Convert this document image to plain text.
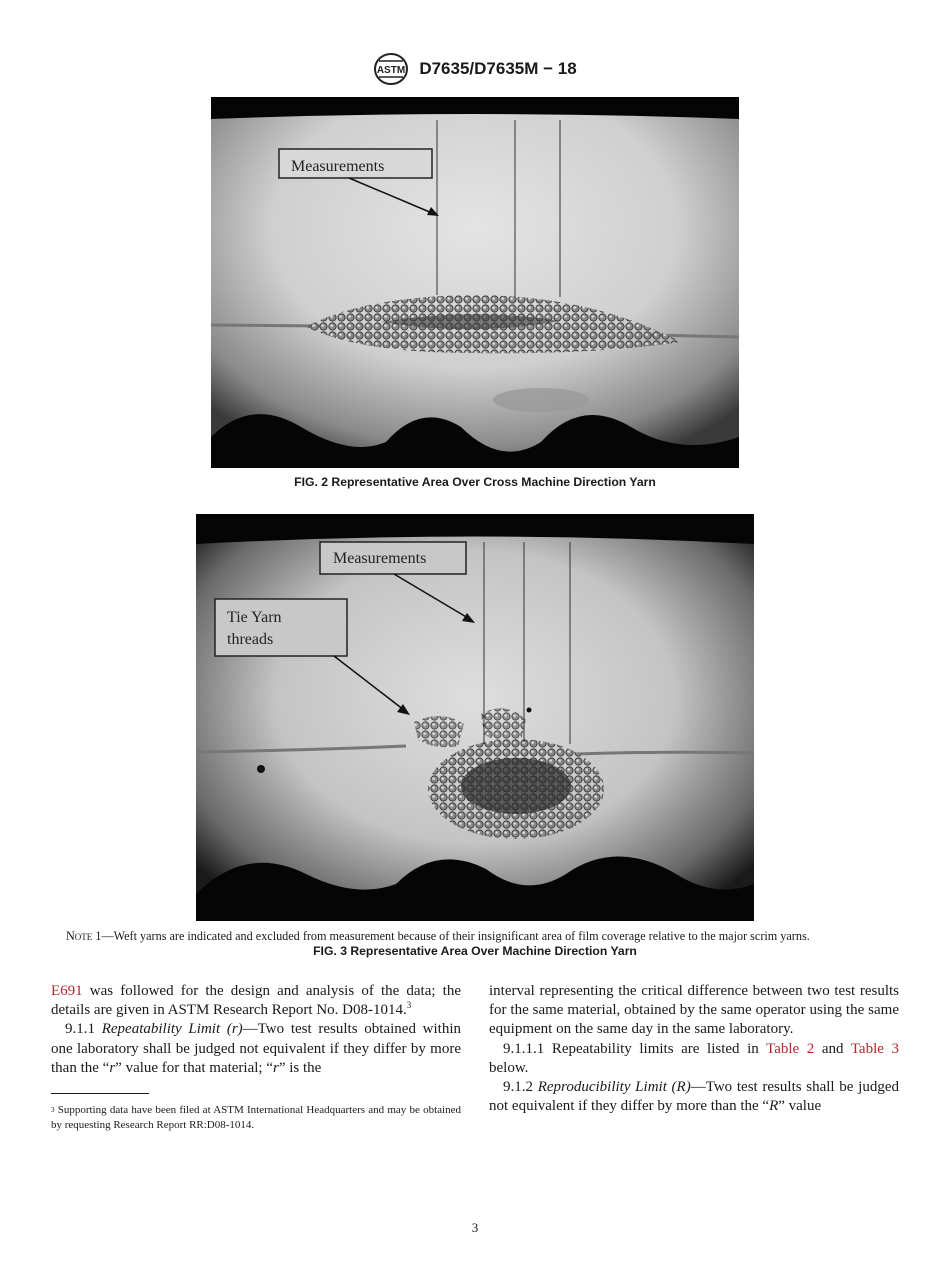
ASTM D7635/D7635M − 18
Measurements
FIG. 2 Representative Area Over Cross Machine Direction Yarn
Measurements
Tie Yarn
threads
Note 1—Weft yarns are indicated and excluded from measurement because of their insignificant area of film coverage relative to the major scrim yarns.
FIG. 3 Representative Area Over Machine Direction Yarn

E691 was followed for the design and analysis of the data; the details are given in ASTM Research Report No. D08-1014.$^3$

9.1.1 Repeatability Limit (r)—Two test results obtained within one laboratory shall be judged not equivalent if they differ by more than the “r” value for that material; “r” is the

$^3$ Supporting data have been filed at ASTM International Headquarters and may be obtained by requesting Research Report RR:D08-1014.

interval representing the critical difference between two test results for the same material, obtained by the same operator using the same equipment on the same day in the same laboratory.

9.1.1.1 Repeatability limits are listed in Table 2 and Table 3 below.

9.1.2 Reproducibility Limit (R)—Two test results shall be judged not equivalent if they differ by more than the “R” value

3
